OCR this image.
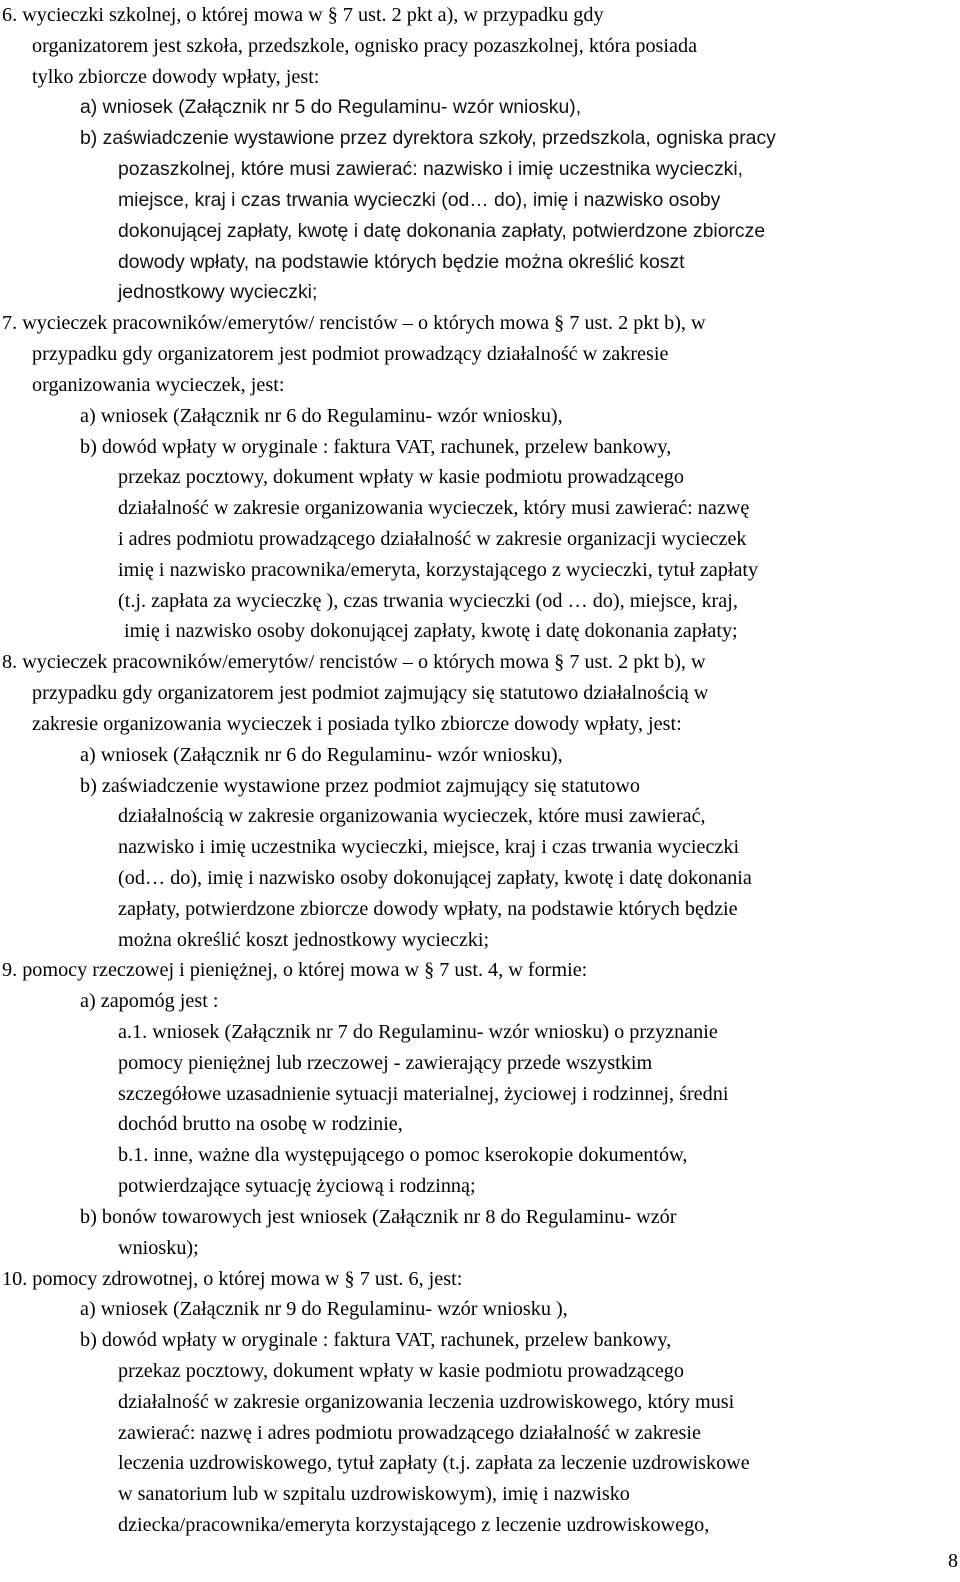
6. wycieczki szkolnej, o której mowa w § 7 ust. 2 pkt a), w przypadku gdy
organizatorem jest szkoła, przedszkole, ognisko pracy pozaszkolnej, która posiada
tylko zbiorcze dowody wpłaty, jest:
a) wniosek (Załącznik nr 5 do Regulaminu- wzór wniosku),
b) zaświadczenie wystawione przez dyrektora szkoły, przedszkola, ogniska pracy
pozaszkolnej, które musi zawierać: nazwisko i imię uczestnika wycieczki,
miejsce, kraj i czas trwania wycieczki (od… do), imię i nazwisko osoby
dokonującej zapłaty, kwotę i datę dokonania zapłaty, potwierdzone zbiorcze
dowody wpłaty, na podstawie których będzie można określić koszt
jednostkowy wycieczki;
7. wycieczek pracowników/emerytów/ rencistów – o których mowa § 7 ust. 2 pkt b), w
przypadku gdy organizatorem jest podmiot prowadzący działalność w zakresie
organizowania wycieczek, jest:
a) wniosek (Załącznik nr 6 do Regulaminu- wzór wniosku),
b) dowód wpłaty w oryginale : faktura VAT, rachunek, przelew bankowy,
przekaz pocztowy, dokument wpłaty w kasie podmiotu prowadzącego
działalność w zakresie organizowania wycieczek, który musi zawierać: nazwę
i adres podmiotu prowadzącego działalność w zakresie organizacji wycieczek
imię i nazwisko pracownika/emeryta, korzystającego z wycieczki, tytuł zapłaty
(t.j. zapłata za wycieczkę ), czas trwania wycieczki (od … do), miejsce, kraj,
imię i nazwisko osoby dokonującej zapłaty, kwotę i datę dokonania zapłaty;
8. wycieczek pracowników/emerytów/ rencistów – o których mowa § 7 ust. 2 pkt b), w
przypadku gdy organizatorem jest podmiot zajmujący się statutowo działalnością w
zakresie organizowania wycieczek i posiada tylko zbiorcze dowody wpłaty, jest:
a) wniosek (Załącznik nr 6 do Regulaminu- wzór wniosku),
b) zaświadczenie wystawione przez podmiot zajmujący się statutowo
działalnością w zakresie organizowania wycieczek, które musi zawierać,
nazwisko i imię uczestnika wycieczki, miejsce, kraj i czas trwania wycieczki
(od… do), imię i nazwisko osoby dokonującej zapłaty, kwotę i datę dokonania
zapłaty, potwierdzone zbiorcze dowody wpłaty, na podstawie których będzie
można określić koszt jednostkowy wycieczki;
9. pomocy rzeczowej i pieniężnej, o której mowa w § 7 ust. 4, w formie:
a) zapomóg jest :
a.1. wniosek (Załącznik nr 7 do Regulaminu- wzór wniosku) o przyznanie
pomocy pieniężnej lub rzeczowej - zawierający przede wszystkim
szczegółowe uzasadnienie sytuacji materialnej, życiowej i rodzinnej, średni
dochód brutto na osobę w rodzinie,
b.1. inne, ważne dla występującego o pomoc kserokopie dokumentów,
potwierdzające sytuację życiową i rodzinną;
b) bonów towarowych jest wniosek (Załącznik nr 8 do Regulaminu- wzór
wniosku);
10. pomocy zdrowotnej, o której mowa w § 7 ust. 6, jest:
a) wniosek (Załącznik nr 9 do Regulaminu- wzór wniosku ),
b) dowód wpłaty w oryginale : faktura VAT, rachunek, przelew bankowy,
przekaz pocztowy, dokument wpłaty w kasie podmiotu prowadzącego
działalność w zakresie organizowania leczenia uzdrowiskowego, który musi
zawierać: nazwę i adres podmiotu prowadzącego działalność w zakresie
leczenia uzdrowiskowego, tytuł zapłaty (t.j. zapłata za leczenie uzdrowiskowe
w sanatorium lub w szpitalu uzdrowiskowym), imię i nazwisko
dziecka/pracownika/emeryta korzystającego z leczenie uzdrowiskowego,
8
